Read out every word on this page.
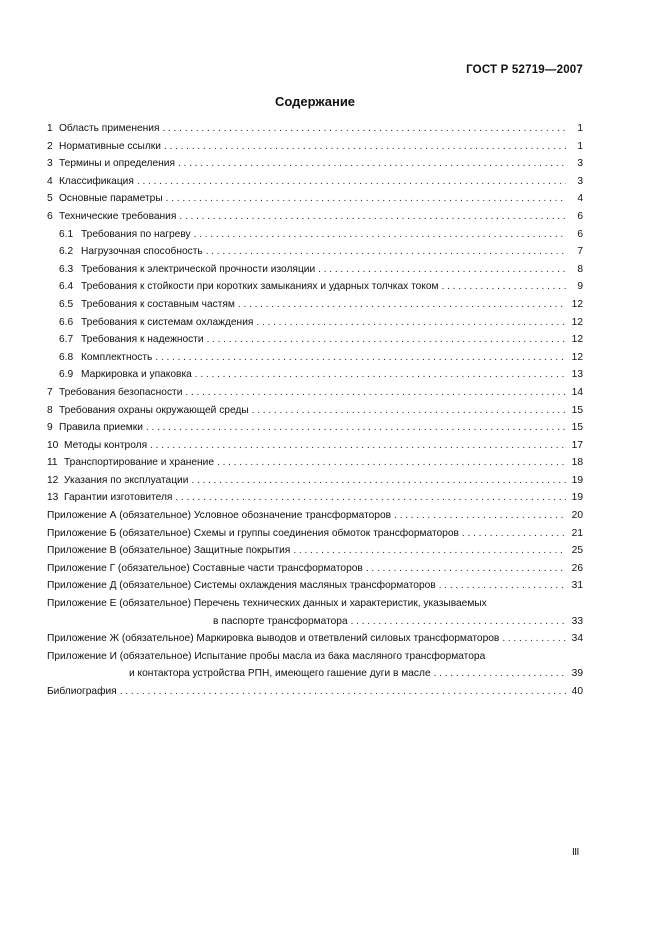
ГОСТ Р 52719—2007
Содержание
1 Область применения . . .	1
2 Нормативные ссылки . . .	1
3 Термины и определения . . .	3
4 Классификация . . .	3
5 Основные параметры . . .	4
6 Технические требования . . .	6
6.1 Требования по нагреву . . .	6
6.2 Нагрузочная способность . . .	7
6.3 Требования к электрической прочности изоляции . . .	8
6.4 Требования к стойкости при коротких замыканиях и ударных толчках током . . .	9
6.5 Требования к составным частям . . .	12
6.6 Требования к системам охлаждения . . .	12
6.7 Требования к надежности . . .	12
6.8 Комплектность . . .	12
6.9 Маркировка и упаковка . . .	13
7 Требования безопасности . . .	14
8 Требования охраны окружающей среды . . .	15
9 Правила приемки . . .	15
10 Методы контроля . . .	17
11 Транспортирование и хранение . . .	18
12 Указания по эксплуатации . . .	19
13 Гарантии изготовителя . . .	19
Приложение А (обязательное) Условное обозначение трансформаторов . . .	20
Приложение Б (обязательное) Схемы и группы соединения обмоток трансформаторов . . .	21
Приложение В (обязательное) Защитные покрытия . . .	25
Приложение Г (обязательное) Составные части трансформаторов . . .	26
Приложение Д (обязательное) Системы охлаждения масляных трансформаторов . . .	31
Приложение Е (обязательное) Перечень технических данных и характеристик, указываемых
в паспорте трансформатора . . .	33
Приложение Ж (обязательное) Маркировка выводов и ответвлений силовых трансформаторов . . .	34
Приложение И (обязательное) Испытание пробы масла из бака масляного трансформатора
и контактора устройства РПН, имеющего гашение дуги в масле . . .	39
Библиография . . .	40
III
